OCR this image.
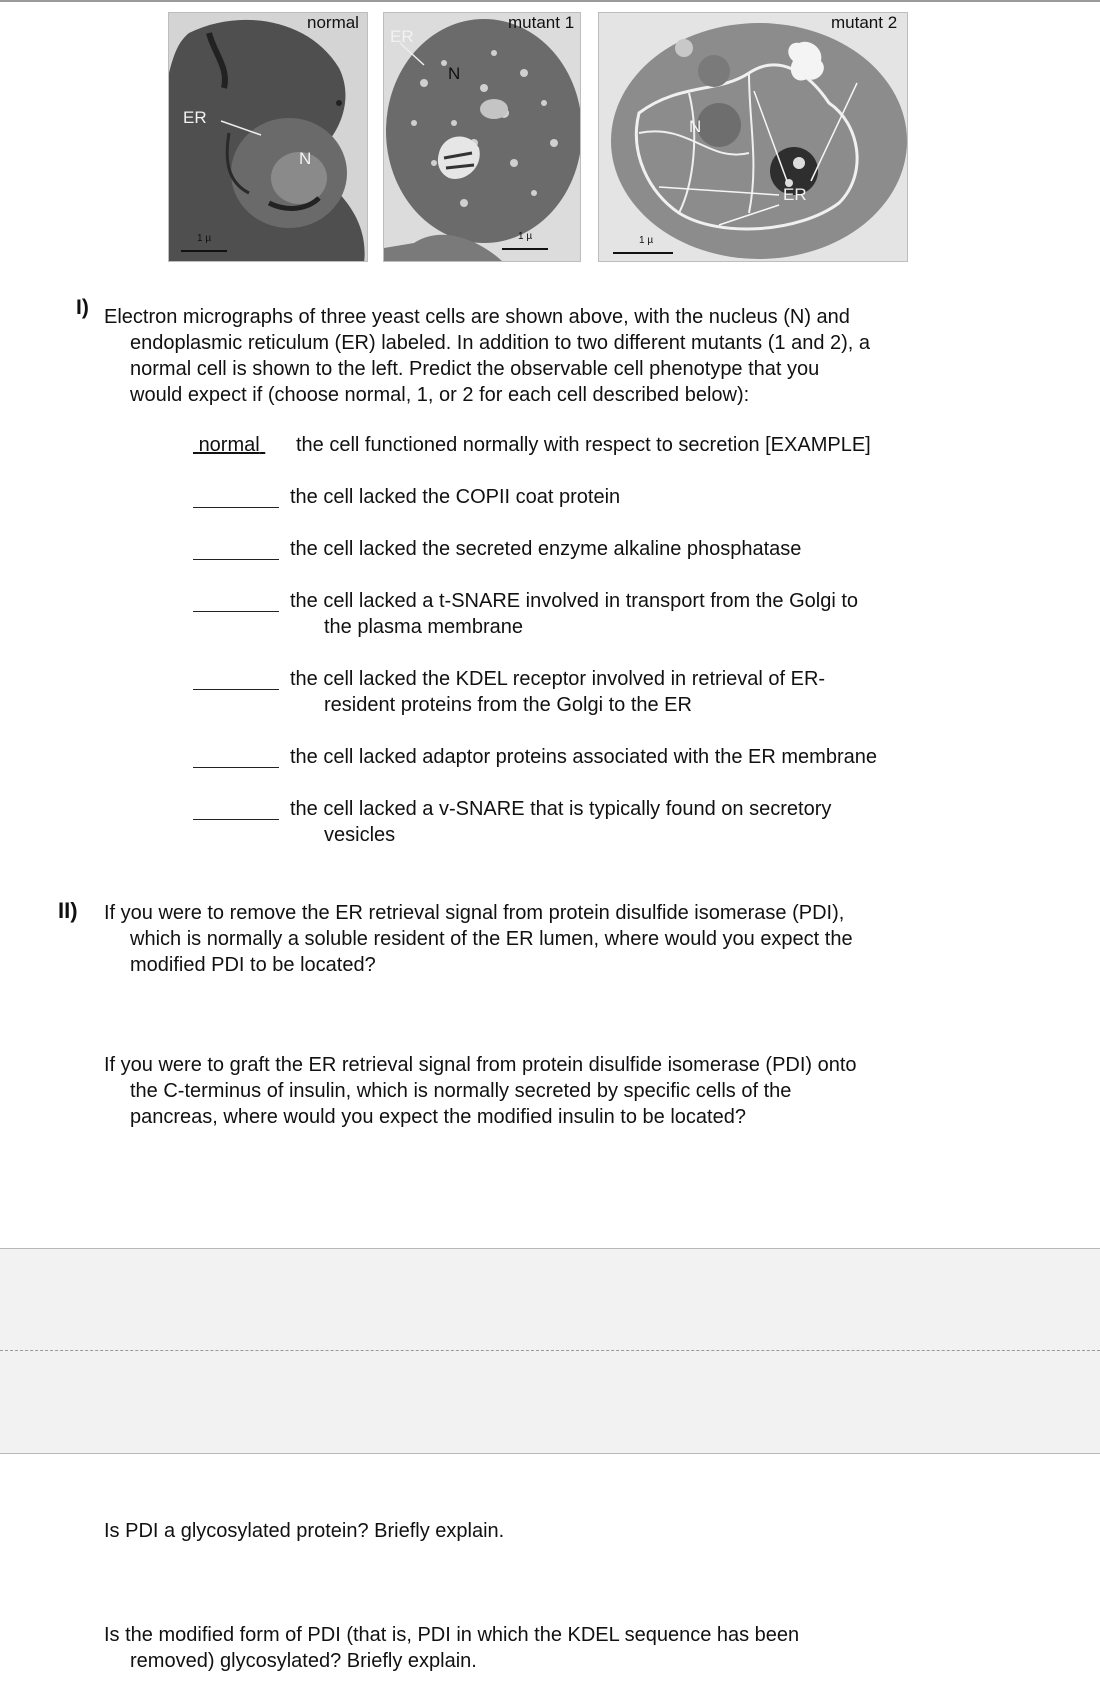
normal
ER
N
1 µ
mutant 1
ER
N
1 µ
mutant 2
N
ER
1 µ
I) Electron micrographs of three yeast cells are shown above, with the nucleus (N) and
endoplasmic reticulum (ER) labeled. In addition to two different mutants (1 and 2), a
normal cell is shown to the left. Predict the observable cell phenotype that you
would expect if (choose normal, 1, or 2 for each cell described below):
normal the cell functioned normally with respect to secretion [EXAMPLE]
the cell lacked the COPII coat protein
the cell lacked the secreted enzyme alkaline phosphatase
the cell lacked a t-SNARE involved in transport from the Golgi to
the plasma membrane
the cell lacked the KDEL receptor involved in retrieval of ER-
resident proteins from the Golgi to the ER
the cell lacked adaptor proteins associated with the ER membrane
the cell lacked a v-SNARE that is typically found on secretory
vesicles
II) If you were to remove the ER retrieval signal from protein disulfide isomerase (PDI),
which is normally a soluble resident of the ER lumen, where would you expect the
modified PDI to be located?
If you were to graft the ER retrieval signal from protein disulfide isomerase (PDI) onto
the C-terminus of insulin, which is normally secreted by specific cells of the
pancreas, where would you expect the modified insulin to be located?
Is PDI a glycosylated protein? Briefly explain.
Is the modified form of PDI (that is, PDI in which the KDEL sequence has been
removed) glycosylated? Briefly explain.
